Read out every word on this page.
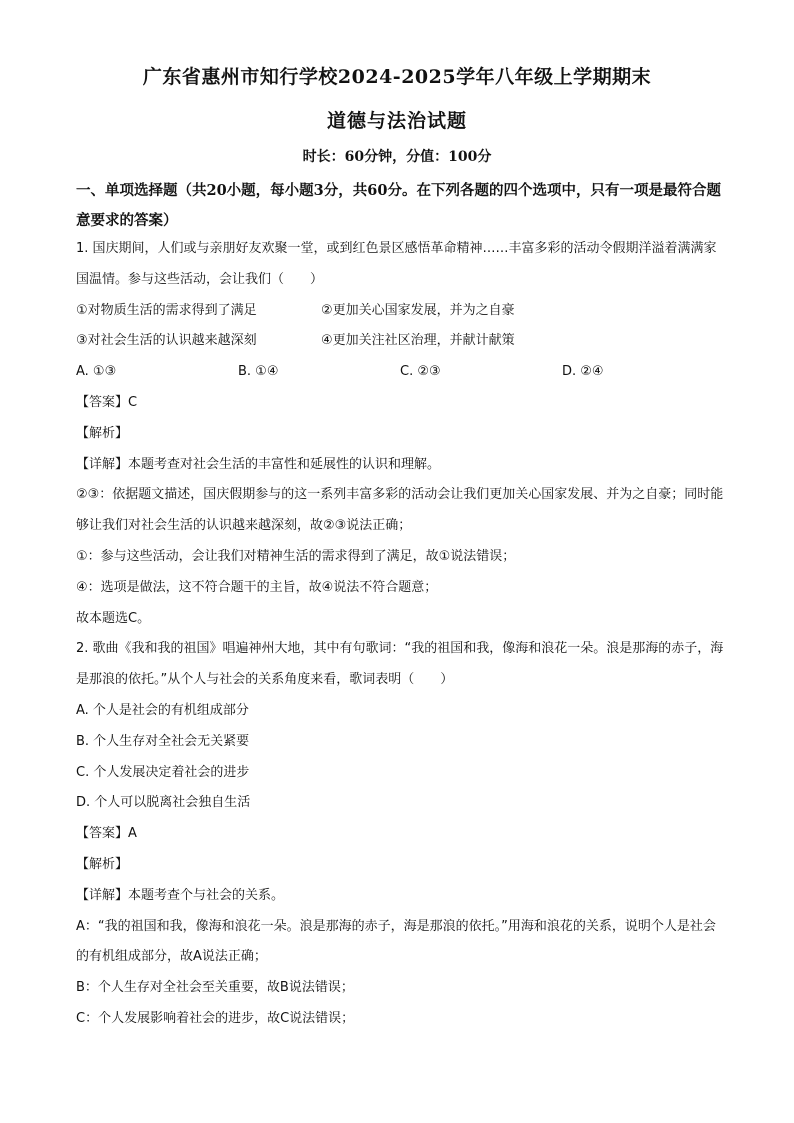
广东省惠州市知行学校2024-2025学年八年级上学期期末
道德与法治试题
时长：60分钟，分值：100分
一、单项选择题（共20小题，每小题3分，共60分。在下列各题的四个选项中，只有一项是最符合题意要求的答案）
1. 国庆期间，人们或与亲朋好友欢聚一堂，或到红色景区感悟革命精神……丰富多彩的活动令假期洋溢着满满家国温情。参与这些活动，会让我们（　　）
①对物质生活的需求得到了满足	②更加关心国家发展，并为之自豪
③对社会生活的认识越来越深刻	④更加关注社区治理，并献计献策
A. ①③	B. ①④	C. ②③	D. ②④
【答案】C
【解析】
【详解】本题考查对社会生活的丰富性和延展性的认识和理解。
②③：依据题文描述，国庆假期参与的这一系列丰富多彩的活动会让我们更加关心国家发展、并为之自豪；同时能够让我们对社会生活的认识越来越深刻，故②③说法正确；
①：参与这些活动，会让我们对精神生活的需求得到了满足，故①说法错误；
④：选项是做法，这不符合题干的主旨，故④说法不符合题意；
故本题选C。
2. 歌曲《我和我的祖国》唱遍神州大地，其中有句歌词：“我的祖国和我，像海和浪花一朵。浪是那海的赤子，海是那浪的依托。”从个人与社会的关系角度来看，歌词表明（　　）
A. 个人是社会的有机组成部分
B. 个人生存对全社会无关紧要
C. 个人发展决定着社会的进步
D. 个人可以脱离社会独自生活
【答案】A
【解析】
【详解】本题考查个与社会的关系。
A：“我的祖国和我，像海和浪花一朵。浪是那海的赤子，海是那浪的依托。”用海和浪花的关系，说明个人是社会的有机组成部分，故A说法正确；
B：个人生存对全社会至关重要，故B说法错误；
C：个人发展影响着社会的进步，故C说法错误；
